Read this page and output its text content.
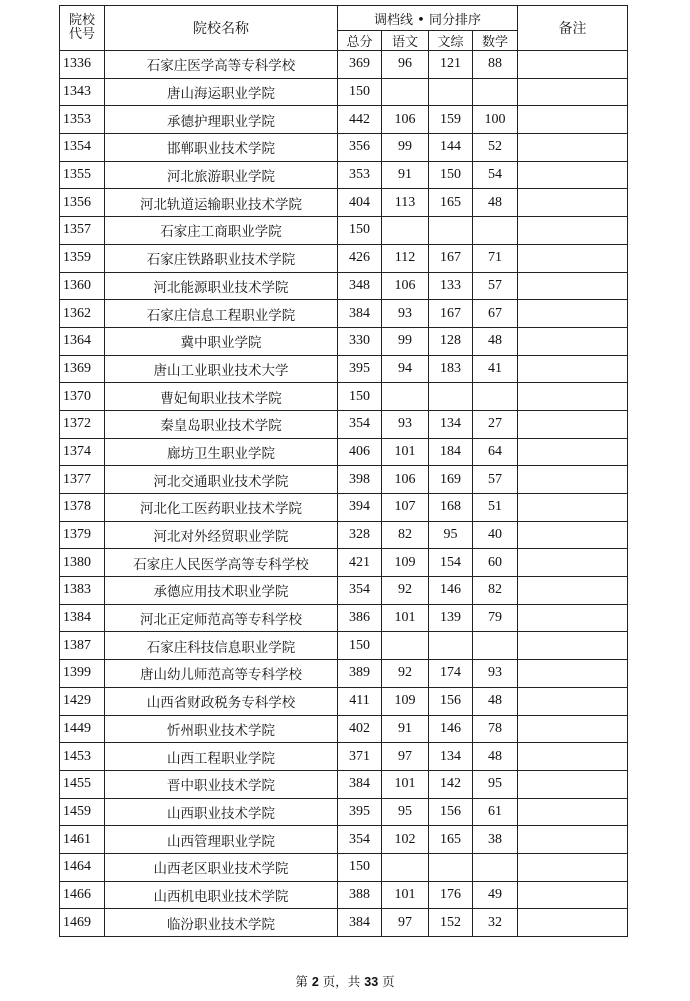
院校代号	院校名称	调档线 • 同分排序				备注
		总分	语文	文综	数学	
1336	石家庄医学高等专科学校	369	96	121	88	
1343	唐山海运职业学院	150				
1353	承德护理职业学院	442	106	159	100	
1354	邯郸职业技术学院	356	99	144	52	
1355	河北旅游职业学院	353	91	150	54	
1356	河北轨道运输职业技术学院	404	113	165	48	
1357	石家庄工商职业学院	150				
1359	石家庄铁路职业技术学院	426	112	167	71	
1360	河北能源职业技术学院	348	106	133	57	
1362	石家庄信息工程职业学院	384	93	167	67	
1364	冀中职业学院	330	99	128	48	
1369	唐山工业职业技术大学	395	94	183	41	
1370	曹妃甸职业技术学院	150				
1372	秦皇岛职业技术学院	354	93	134	27	
1374	廊坊卫生职业学院	406	101	184	64	
1377	河北交通职业技术学院	398	106	169	57	
1378	河北化工医药职业技术学院	394	107	168	51	
1379	河北对外经贸职业学院	328	82	95	40	
1380	石家庄人民医学高等专科学校	421	109	154	60	
1383	承德应用技术职业学院	354	92	146	82	
1384	河北正定师范高等专科学校	386	101	139	79	
1387	石家庄科技信息职业学院	150				
1399	唐山幼儿师范高等专科学校	389	92	174	93	
1429	山西省财政税务专科学校	411	109	156	48	
1449	忻州职业技术学院	402	91	146	78	
1453	山西工程职业学院	371	97	134	48	
1455	晋中职业技术学院	384	101	142	95	
1459	山西职业技术学院	395	95	156	61	
1461	山西管理职业学院	354	102	165	38	
1464	山西老区职业技术学院	150				
1466	山西机电职业技术学院	388	101	176	49	
1469	临汾职业技术学院	384	97	152	32	
第 2 页，共 33 页
